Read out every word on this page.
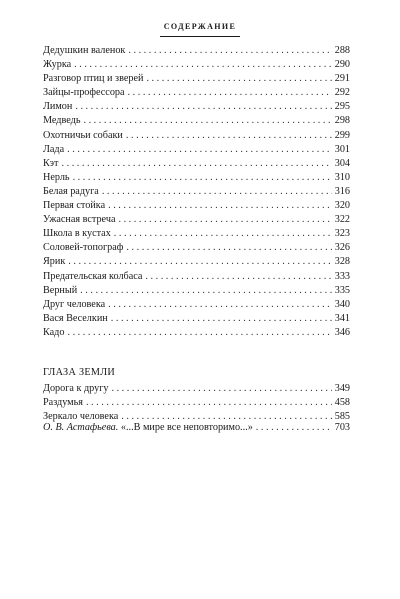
СОДЕРЖАНИЕ
Дедушкин валенок . . .	288
Журка . . .	290
Разговор птиц и зверей . . .	291
Зайцы-профессора . . .	292
Лимон . . .	295
Медведь . . .	298
Охотничьи собаки . . .	299
Лада . . .	301
Кэт . . .	304
Нерль . . .	310
Белая радуга . . .	316
Первая стойка . . .	320
Ужасная встреча . . .	322
Школа в кустах . . .	323
Соловей-топограф . . .	326
Ярик . . .	328
Предательская колбаса . . .	333
Верный . . .	335
Друг человека . . .	340
Вася Веселкин . . .	341
Кадо . . .	346
ГЛАЗА ЗЕМЛИ
Дорога к другу . . .	349
Раздумья . . .	458
Зеркало человека . . .	585
О. В. Астафьева. «...В мире все неповторимо...» . . .	703
